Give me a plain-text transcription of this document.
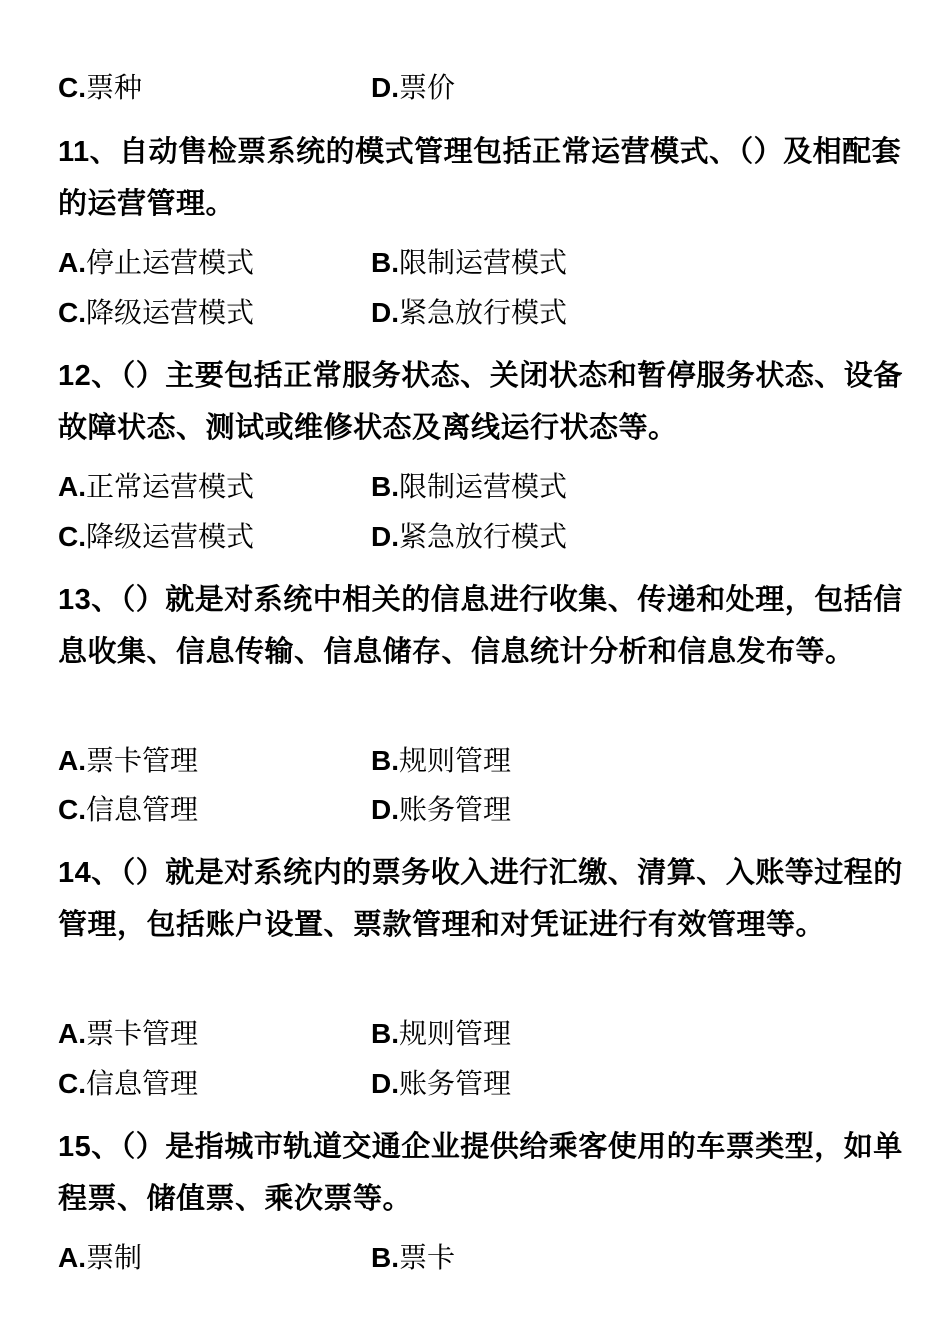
C.票种	D.票价

11、自动售检票系统的模式管理包括正常运营模式、（）及相配套的运营管理。

A.停止运营模式	B.限制运营模式
C.降级运营模式	D.紧急放行模式

12、（）主要包括正常服务状态、关闭状态和暂停服务状态、设备故障状态、测试或维修状态及离线运行状态等。

A.正常运营模式	B.限制运营模式
C.降级运营模式	D.紧急放行模式

13、（）就是对系统中相关的信息进行收集、传递和处理，包括信息收集、信息传输、信息储存、信息统计分析和信息发布等。

A.票卡管理	B.规则管理
C.信息管理	D.账务管理

14、（）就是对系统内的票务收入进行汇缴、清算、入账等过程的管理，包括账户设置、票款管理和对凭证进行有效管理等。

A.票卡管理	B.规则管理
C.信息管理	D.账务管理

15、（）是指城市轨道交通企业提供给乘客使用的车票类型，如单程票、储值票、乘次票等。

A.票制	B.票卡
